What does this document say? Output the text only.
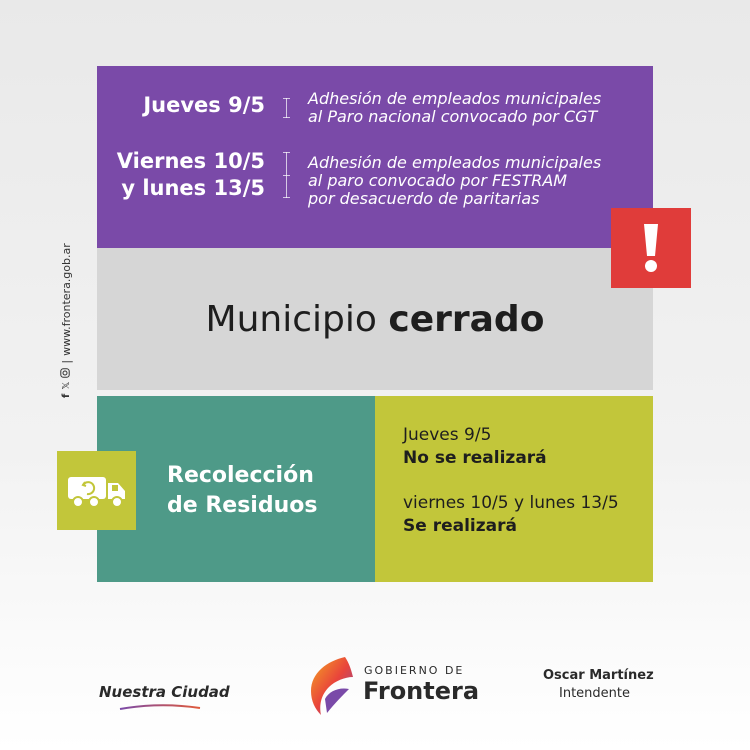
Jueves 9/5	Adhesión de empleados municipales
al Paro nacional convocado por CGT
Viernes 10/5
y lunes 13/5
Adhesión de empleados municipales
al paro convocado por FESTRAM
por desacuerdo de paritarias
Municipio cerrado
Recolección
de Residuos
Jueves 9/5
No se realizará
viernes 10/5 y lunes 13/5
Se realizará
f
𝕏
|
www.frontera.gob.ar
Nuestra Ciudad
GOBIERNO DE
Frontera
Oscar Martínez
Intendente
